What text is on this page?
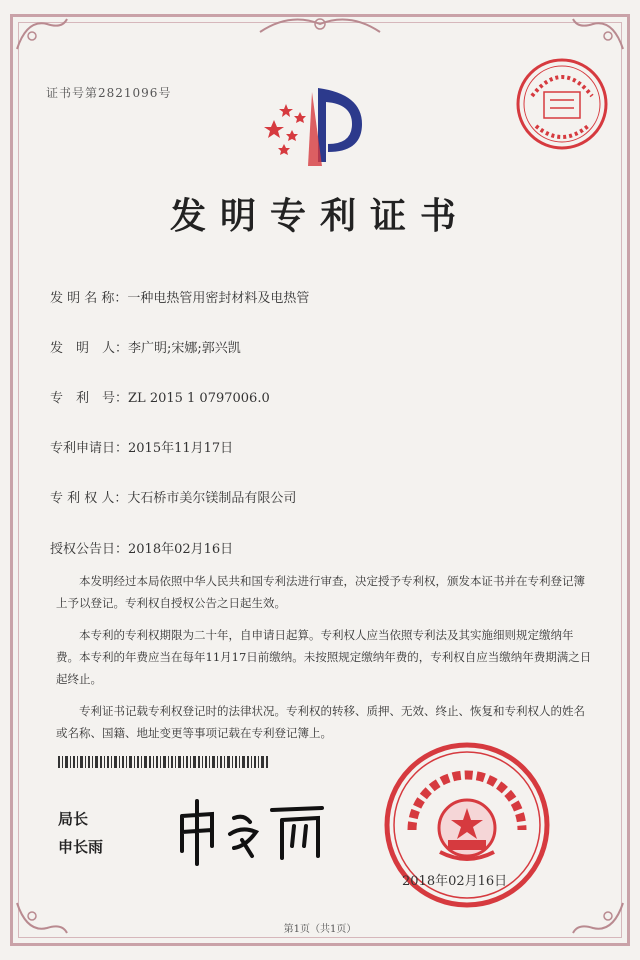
证书号第2821096号
发明专利证书
发 明 名 称：一种电热管用密封材料及电热管
发　明　人：李广明;宋娜;郭兴凯
专　利　号：ZL 2015 1 0797006.0
专利申请日：2015年11月17日
专 利 权 人：大石桥市美尔镁制品有限公司
授权公告日：2018年02月16日

本发明经过本局依照中华人民共和国专利法进行审查，决定授予专利权，颁发本证书并在专利登记簿上予以登记。专利权自授权公告之日起生效。

本专利的专利权期限为二十年，自申请日起算。专利权人应当依照专利法及其实施细则规定缴纳年费。本专利的年费应当在每年11月17日前缴纳。未按照规定缴纳年费的，专利权自应当缴纳年费期满之日起终止。

专利证书记载专利权登记时的法律状况。专利权的转移、质押、无效、终止、恢复和专利权人的姓名或名称、国籍、地址变更等事项记载在专利登记簿上。

局长
申长雨
2018年02月16日
第1页（共1页）
